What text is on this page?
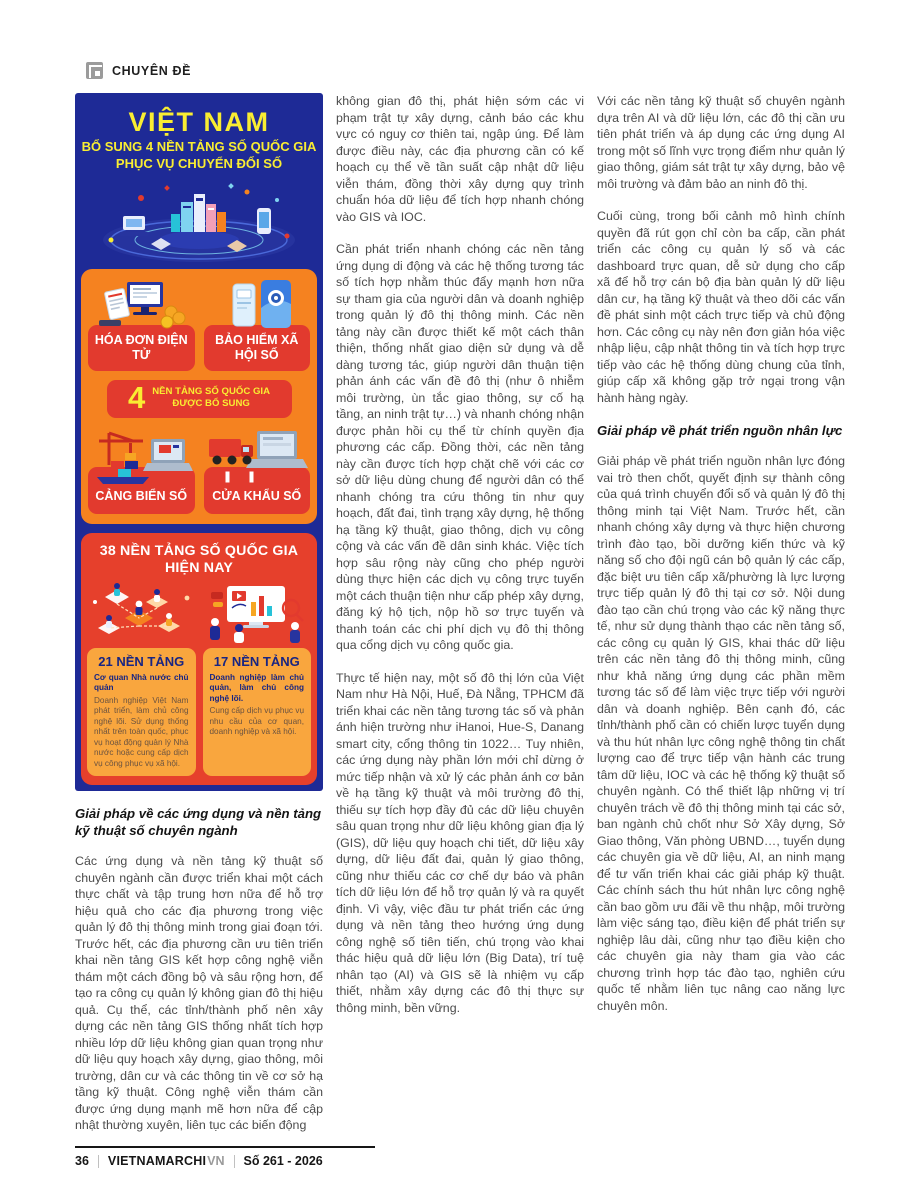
CHUYÊN ĐỀ
VIỆT NAM
BỔ SUNG 4 NỀN TẢNG SỐ QUỐC GIA
PHỤC VỤ CHUYỂN ĐỔI SỐ
HÓA ĐƠN ĐIỆN TỬ
BẢO HIỂM XÃ HỘI SỐ
4 NỀN TẢNG SỐ QUỐC GIA
ĐƯỢC BỔ SUNG
CẢNG BIỂN SỐ	CỬA KHẨU SỐ
38 NỀN TẢNG SỐ QUỐC GIA HIỆN NAY
21 NỀN TẢNG
Cơ quan Nhà nước chủ quản
Doanh nghiệp Việt Nam phát triển, làm chủ công nghệ lõi. Sử dụng thống nhất trên toàn quốc, phục vụ hoạt động quản lý Nhà nước hoặc cung cấp dịch vụ công phục vụ xã hội.
17 NỀN TẢNG
Doanh nghiệp làm chủ quản, làm chủ công nghệ lõi.
Cung cấp dịch vụ phục vụ nhu cầu của cơ quan, doanh nghiệp và xã hội.
Giải pháp về các ứng dụng và nền tảng kỹ thuật số chuyên ngành

Các ứng dụng và nền tảng kỹ thuật số chuyên ngành cần được triển khai một cách thực chất và tập trung hơn nữa để hỗ trợ hiệu quả cho các địa phương trong việc quản lý đô thị thông minh trong giai đoạn tới. Trước hết, các địa phương cần ưu tiên triển khai nền tảng GIS kết hợp công nghệ viễn thám một cách đồng bộ và sâu rộng hơn, để tạo ra công cụ quản lý không gian đô thị hiệu quả. Cụ thể, các tỉnh/thành phố nên xây dựng các nền tảng GIS thống nhất tích hợp nhiều lớp dữ liệu không gian quan trọng như dữ liệu quy hoạch xây dựng, giao thông, môi trường, dân cư và các thông tin về cơ sở hạ tầng kỹ thuật. Công nghệ viễn thám cần được ứng dụng mạnh mẽ hơn nữa để cập nhật thường xuyên, liên tục các biến động

không gian đô thị, phát hiện sớm các vi phạm trật tự xây dựng, cảnh báo các khu vực có nguy cơ thiên tai, ngập úng. Để làm được điều này, các địa phương cần có kế hoạch cụ thể về tần suất cập nhật dữ liệu viễn thám, đồng thời xây dựng quy trình chuẩn hóa dữ liệu để tích hợp nhanh chóng vào GIS và IOC.

Cần phát triển nhanh chóng các nền tảng ứng dụng di động và các hệ thống tương tác số tích hợp nhằm thúc đẩy mạnh hơn nữa sự tham gia của người dân và doanh nghiệp trong quản lý đô thị thông minh. Các nền tảng này cần được thiết kế một cách thân thiện, thống nhất giao diện sử dụng và dễ dàng tương tác, giúp người dân thuận tiện phản ánh các vấn đề đô thị (như ô nhiễm môi trường, ùn tắc giao thông, sự cố hạ tầng, an ninh trật tự…) và nhanh chóng nhận được phản hồi cụ thể từ chính quyền địa phương các cấp. Đồng thời, các nền tảng này cần được tích hợp chặt chẽ với các cơ sở dữ liệu dùng chung để người dân có thể nhanh chóng tra cứu thông tin như quy hoạch, đất đai, tình trạng xây dựng, hệ thống hạ tầng kỹ thuật, giao thông, dịch vụ công cộng và các vấn đề dân sinh khác. Việc tích hợp sâu rộng này cũng cho phép người dùng thực hiện các dịch vụ công trực tuyến một cách thuận tiện như cấp phép xây dựng, đăng ký hộ tịch, nộp hồ sơ trực tuyến và thanh toán các chi phí dịch vụ đô thị thông qua cổng dịch vụ công quốc gia.

Thực tế hiện nay, một số đô thị lớn của Việt Nam như Hà Nội, Huế, Đà Nẵng, TPHCM đã triển khai các nền tảng tương tác số và phản ánh hiện trường như iHanoi, Hue-S, Danang smart city, cổng thông tin 1022… Tuy nhiên, các ứng dụng này phần lớn mới chỉ dừng ở mức tiếp nhận và xử lý các phản ánh cơ bản về hạ tầng kỹ thuật và môi trường đô thị, thiếu sự tích hợp đầy đủ các dữ liệu chuyên sâu quan trọng như dữ liệu không gian địa lý (GIS), dữ liệu quy hoạch chi tiết, dữ liệu xây dựng, dữ liệu đất đai, quản lý giao thông, cũng như thiếu các cơ chế dự báo và phân tích dữ liệu lớn để hỗ trợ quản lý và ra quyết định. Vì vậy, việc đầu tư phát triển các ứng dụng và nền tảng theo hướng ứng dụng công nghệ số tiên tiến, chú trọng vào khai thác hiệu quả dữ liệu lớn (Big Data), trí tuệ nhân tạo (AI) và GIS sẽ là nhiệm vụ cấp thiết, nhằm xây dựng các đô thị thực sự thông minh, bền vững.

Với các nền tảng kỹ thuật số chuyên ngành dựa trên AI và dữ liệu lớn, các đô thị cần ưu tiên phát triển và áp dụng các ứng dụng AI trong một số lĩnh vực trọng điểm như quản lý giao thông, giám sát trật tự xây dựng, bảo vệ môi trường và đảm bảo an ninh đô thị.

Cuối cùng, trong bối cảnh mô hình chính quyền đã rút gọn chỉ còn ba cấp, cần phát triển các công cụ quản lý số và các dashboard trực quan, dễ sử dụng cho cấp xã để hỗ trợ cán bộ địa bàn quản lý dữ liệu dân cư, hạ tầng kỹ thuật và theo dõi các vấn đề phát sinh một cách trực tiếp và chủ động hơn. Các công cụ này nên đơn giản hóa việc nhập liệu, cập nhật thông tin và tích hợp trực tiếp vào các hệ thống dùng chung của tỉnh, giúp cấp xã không gặp trở ngại trong vận hành hàng ngày.

Giải pháp về phát triển nguồn nhân lực

Giải pháp về phát triển nguồn nhân lực đóng vai trò then chốt, quyết định sự thành công của quá trình chuyển đổi số và quản lý đô thị thông minh tại Việt Nam. Trước hết, cần nhanh chóng xây dựng và thực hiện chương trình đào tạo, bồi dưỡng kiến thức và kỹ năng số cho đội ngũ cán bộ quản lý các cấp, đặc biệt ưu tiên cấp xã/phường là lực lượng trực tiếp quản lý đô thị tại cơ sở. Nội dung đào tạo cần chú trọng vào các kỹ năng thực tế, như sử dụng thành thạo các nền tảng số, các công cụ quản lý GIS, khai thác dữ liệu trên các nền tảng đô thị thông minh, cũng như khả năng ứng dụng các phần mềm tương tác số để làm việc trực tiếp với người dân và doanh nghiệp. Bên cạnh đó, các tỉnh/thành phố cần có chiến lược tuyển dụng và thu hút nhân lực công nghệ thông tin chất lượng cao để trực tiếp vận hành các trung tâm dữ liệu, IOC và các hệ thống kỹ thuật số chuyên ngành. Có thể thiết lập những vị trí chuyên trách về đô thị thông minh tại các sở, ban ngành chủ chốt như Sở Xây dựng, Sở Giao thông, Văn phòng UBND…, tuyển dụng các chuyên gia về dữ liệu, AI, an ninh mạng để tư vấn triển khai các giải pháp kỹ thuật. Các chính sách thu hút nhân lực công nghệ cần bao gồm ưu đãi về thu nhập, môi trường làm việc sáng tạo, điều kiện để phát triển sự nghiệp lâu dài, cũng như tạo điều kiện cho các chuyên gia này tham gia vào các chương trình hợp tác đào tạo, nghiên cứu quốc tế nhằm liên tục nâng cao năng lực chuyên môn.

36 VIETNAMARCHIVN Số 261 - 2026
